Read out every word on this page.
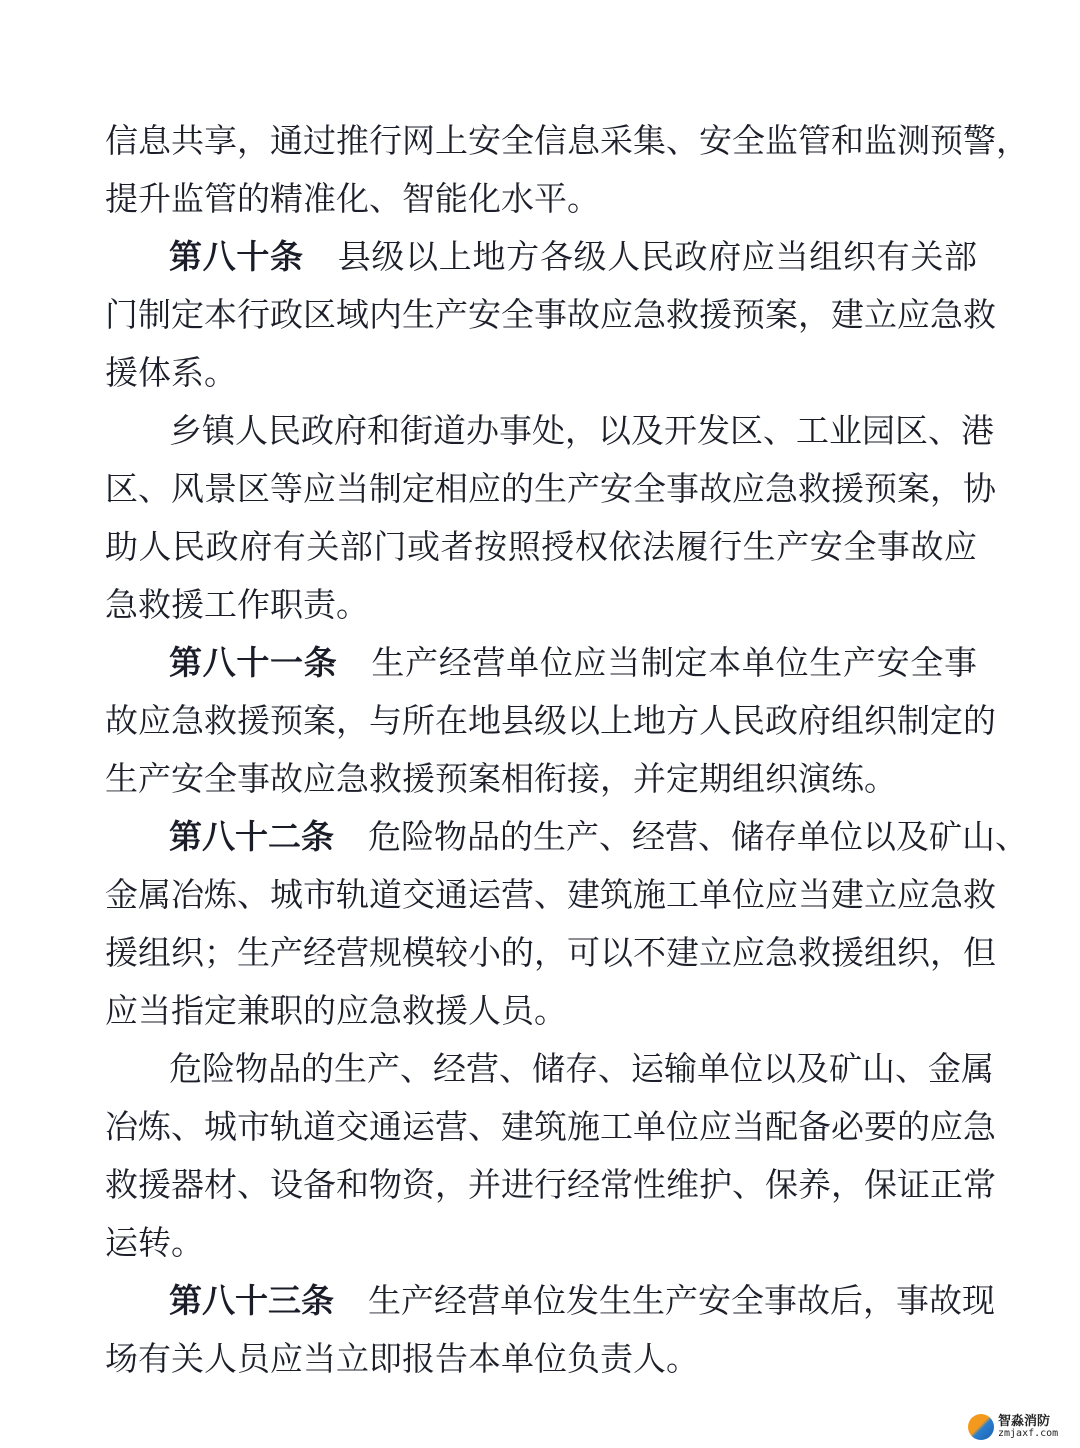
信息共享，通过推行网上安全信息采集、安全监管和监测预警，
提升监管的精准化、智能化水平。
第八十条 县级以上地方各级人民政府应当组织有关部
门制定本行政区域内生产安全事故应急救援预案，建立应急救
援体系。
乡镇人民政府和街道办事处，以及开发区、工业园区、港
区、风景区等应当制定相应的生产安全事故应急救援预案，协
助人民政府有关部门或者按照授权依法履行生产安全事故应
急救援工作职责。
第八十一条 生产经营单位应当制定本单位生产安全事
故应急救援预案，与所在地县级以上地方人民政府组织制定的
生产安全事故应急救援预案相衔接，并定期组织演练。
第八十二条 危险物品的生产、经营、储存单位以及矿山、
金属冶炼、城市轨道交通运营、建筑施工单位应当建立应急救
援组织；生产经营规模较小的，可以不建立应急救援组织，但
应当指定兼职的应急救援人员。
危险物品的生产、经营、储存、运输单位以及矿山、金属
冶炼、城市轨道交通运营、建筑施工单位应当配备必要的应急
救援器材、设备和物资，并进行经常性维护、保养，保证正常
运转。
第八十三条 生产经营单位发生生产安全事故后，事故现
场有关人员应当立即报告本单位负责人。
智淼消防
zmjaxf.com
